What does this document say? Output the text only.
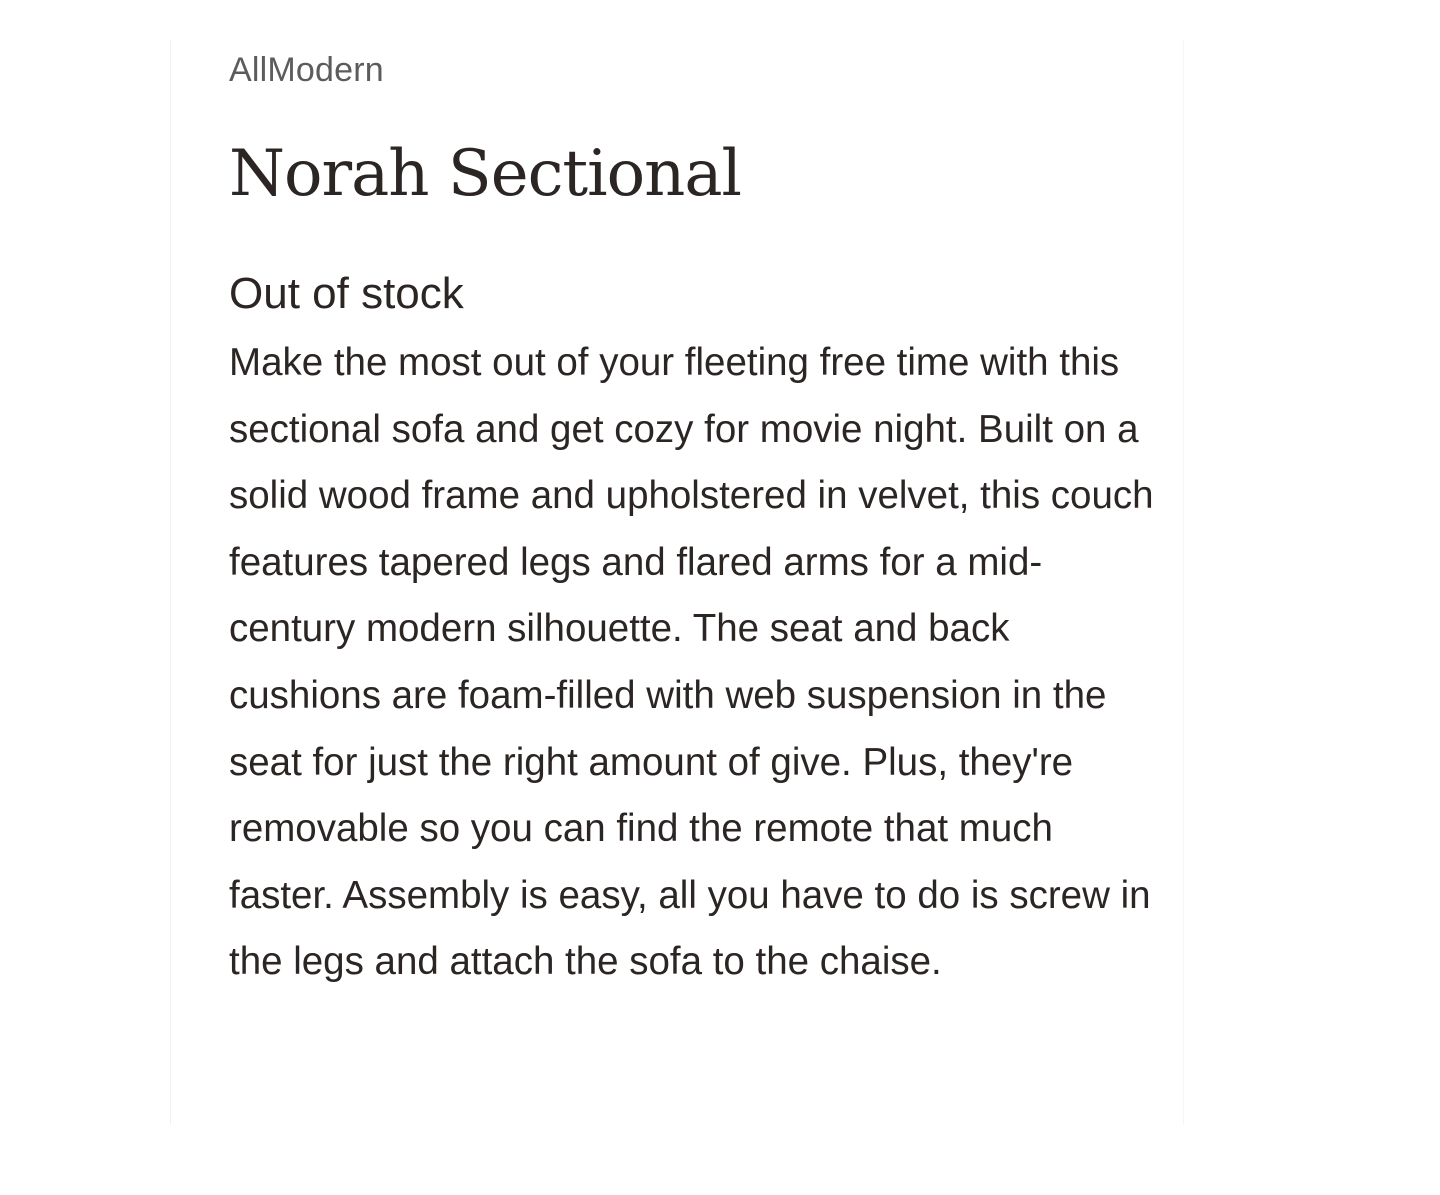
AllModern
Norah Sectional
Out of stock

Make the most out of your fleeting free time with this sectional sofa and get cozy for movie night. Built on a solid wood frame and upholstered in velvet, this couch features tapered legs and flared arms for a mid-century modern silhouette. The seat and back cushions are foam-filled with web suspension in the seat for just the right amount of give. Plus, they're removable so you can find the remote that much faster. Assembly is easy, all you have to do is screw in the legs and attach the sofa to the chaise.
